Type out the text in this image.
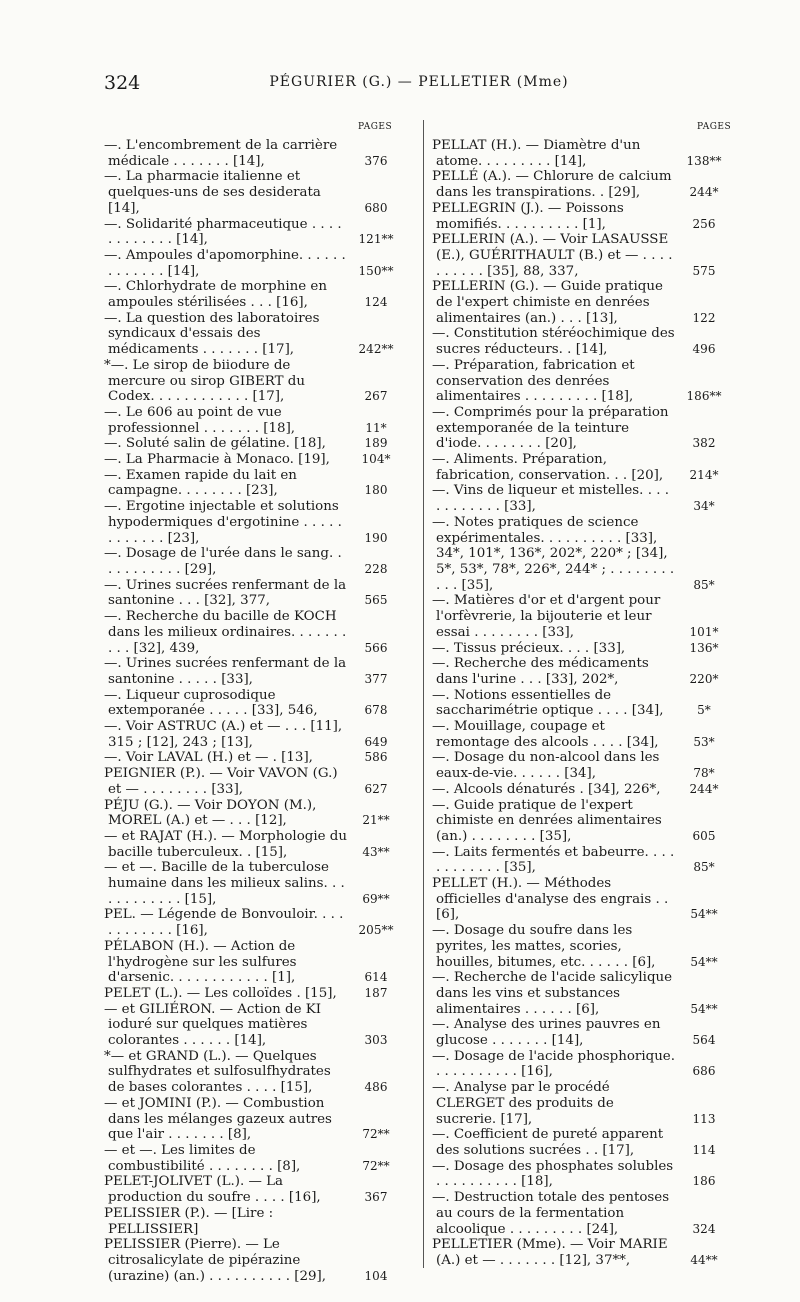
324	PÉGURIER (G.) — PELLETIER (Mme)
PAGES	PAGES

—. L'encombrement de la carrière médicale . . . . . . . [14],	376

—. La pharmacie italienne et quelques-uns de ses desiderata [14],	680

—. Solidarité pharmaceutique . . . . . . . . . . . . [14],	121**

—. Ampoules d'apomorphine. . . . . . . . . . . . . [14],	150**

—. Chlorhydrate de morphine en ampoules stérilisées . . . [16],	124

—. La question des laboratoires syndicaux d'essais des médicaments . . . . . . . [17],	242**

*—. Le sirop de biiodure de mercure ou sirop GIBERT du Codex. . . . . . . . . . . . [17],	267

—. Le 606 au point de vue professionnel . . . . . . . [18],	11*

—. Soluté salin de gélatine. [18],	189

—. La Pharmacie à Monaco. [19],	104*

—. Examen rapide du lait en campagne. . . . . . . . [23],	180

—. Ergotine injectable et solutions hypodermiques d'ergotinine . . . . . . . . . . . . [23],	190

—. Dosage de l'urée dans le sang. . . . . . . . . . . [29],	228

—. Urines sucrées renfermant de la santonine . . . [32], 377,	565

—. Recherche du bacille de KOCH dans les milieux ordinaires. . . . . . . . . . [32], 439,	566

—. Urines sucrées renfermant de la santonine . . . . . [33],	377

—. Liqueur cuprosodique extemporanée . . . . . [33], 546,	678

—. Voir ASTRUC (A.) et — . . . [11], 315 ; [12], 243 ; [13],	649

—. Voir LAVAL (H.) et — . [13],	586

PEIGNIER (P.). — Voir VAVON (G.) et — . . . . . . . . [33],	627

PÉJU (G.). — Voir DOYON (M.), MOREL (A.) et — . . . [12],	21**

— et RAJAT (H.). — Morphologie du bacille tuberculeux. . [15],	43**

— et —. Bacille de la tuberculose humaine dans les milieux salins. . . . . . . . . . . . [15],	69**

PEL. — Légende de Bonvouloir. . . . . . . . . . . . [16],	205**

PÉLABON (H.). — Action de l'hydrogène sur les sulfures d'arsenic. . . . . . . . . . . . [1],	614

PELET (L.). — Les colloïdes . [15],	187

— et GILIÉRON. — Action de KI ioduré sur quelques matières colorantes . . . . . . [14],	303

*— et GRAND (L.). — Quelques sulfhydrates et sulfosulfhydrates de bases colorantes . . . . [15],	486

— et JOMINI (P.). — Combustion dans les mélanges gazeux autres que l'air . . . . . . . [8],	72**

— et —. Les limites de combustibilité . . . . . . . . [8],	72**

PELET-JOLIVET (L.). — La production du soufre . . . . [16],	367

PELISSIER (P.). — [Lire : PELLISSIER]

PELISSIER (Pierre). — Le citrosalicylate de pipérazine (urazine) (an.) . . . . . . . . . . [29],	104

PELLAT (H.). — Diamètre d'un atome. . . . . . . . . [14],	138**

PELLÉ (A.). — Chlorure de calcium dans les transpirations. . [29],	244*

PELLEGRIN (J.). — Poissons momifiés. . . . . . . . . . [1],	256

PELLERIN (A.). — Voir LASAUSSE (E.), GUÉRITHAULT (B.) et — . . . . . . . . . . [35], 88, 337,	575

PELLERIN (G.). — Guide pratique de l'expert chimiste en denrées alimentaires (an.) . . . [13],	122

—. Constitution stéréochimique des sucres réducteurs. . [14],	496

—. Préparation, fabrication et conservation des denrées alimentaires . . . . . . . . . [18],	186**

—. Comprimés pour la préparation extemporanée de la teinture d'iode. . . . . . . . [20],	382

—. Aliments. Préparation, fabrication, conservation. . . [20],	214*

—. Vins de liqueur et mistelles. . . . . . . . . . . . [33],	34*

—. Notes pratiques de science expérimentales. . . . . . . . . . [33], 34*, 101*, 136*, 202*, 220* ; [34], 5*, 53*, 78*, 226*, 244* ; . . . . . . . . . . . [35],	85*

—. Matières d'or et d'argent pour l'orfèvrerie, la bijouterie et leur essai . . . . . . . . [33],	101*

—. Tissus précieux. . . . [33],	136*

—. Recherche des médicaments dans l'urine . . . [33], 202*,	220*

—. Notions essentielles de saccharimétrie optique . . . . [34],	5*

—. Mouillage, coupage et remontage des alcools . . . . [34],	53*

—. Dosage du non-alcool dans les eaux-de-vie. . . . . . [34],	78*

—. Alcools dénaturés . [34], 226*,	244*

—. Guide pratique de l'expert chimiste en denrées alimentaires (an.) . . . . . . . . [35],	605

—. Laits fermentés et babeurre. . . . . . . . . . . . [35],	85*

PELLET (H.). — Méthodes officielles d'analyse des engrais . . [6],	54**

—. Dosage du soufre dans les pyrites, les mattes, scories, houilles, bitumes, etc. . . . . . [6],	54**

—. Recherche de l'acide salicylique dans les vins et substances alimentaires . . . . . . [6],	54**

—. Analyse des urines pauvres en glucose . . . . . . . [14],	564

—. Dosage de l'acide phosphorique. . . . . . . . . . . [16],	686

—. Analyse par le procédé CLERGET des produits de sucrerie. [17],	113

—. Coefficient de pureté apparent des solutions sucrées . . [17],	114

—. Dosage des phosphates solubles . . . . . . . . . . [18],	186

—. Destruction totale des pentoses au cours de la fermentation alcoolique . . . . . . . . . [24],	324

PELLETIER (Mme). — Voir MARIE (A.) et — . . . . . . . [12], 37**,	44**
